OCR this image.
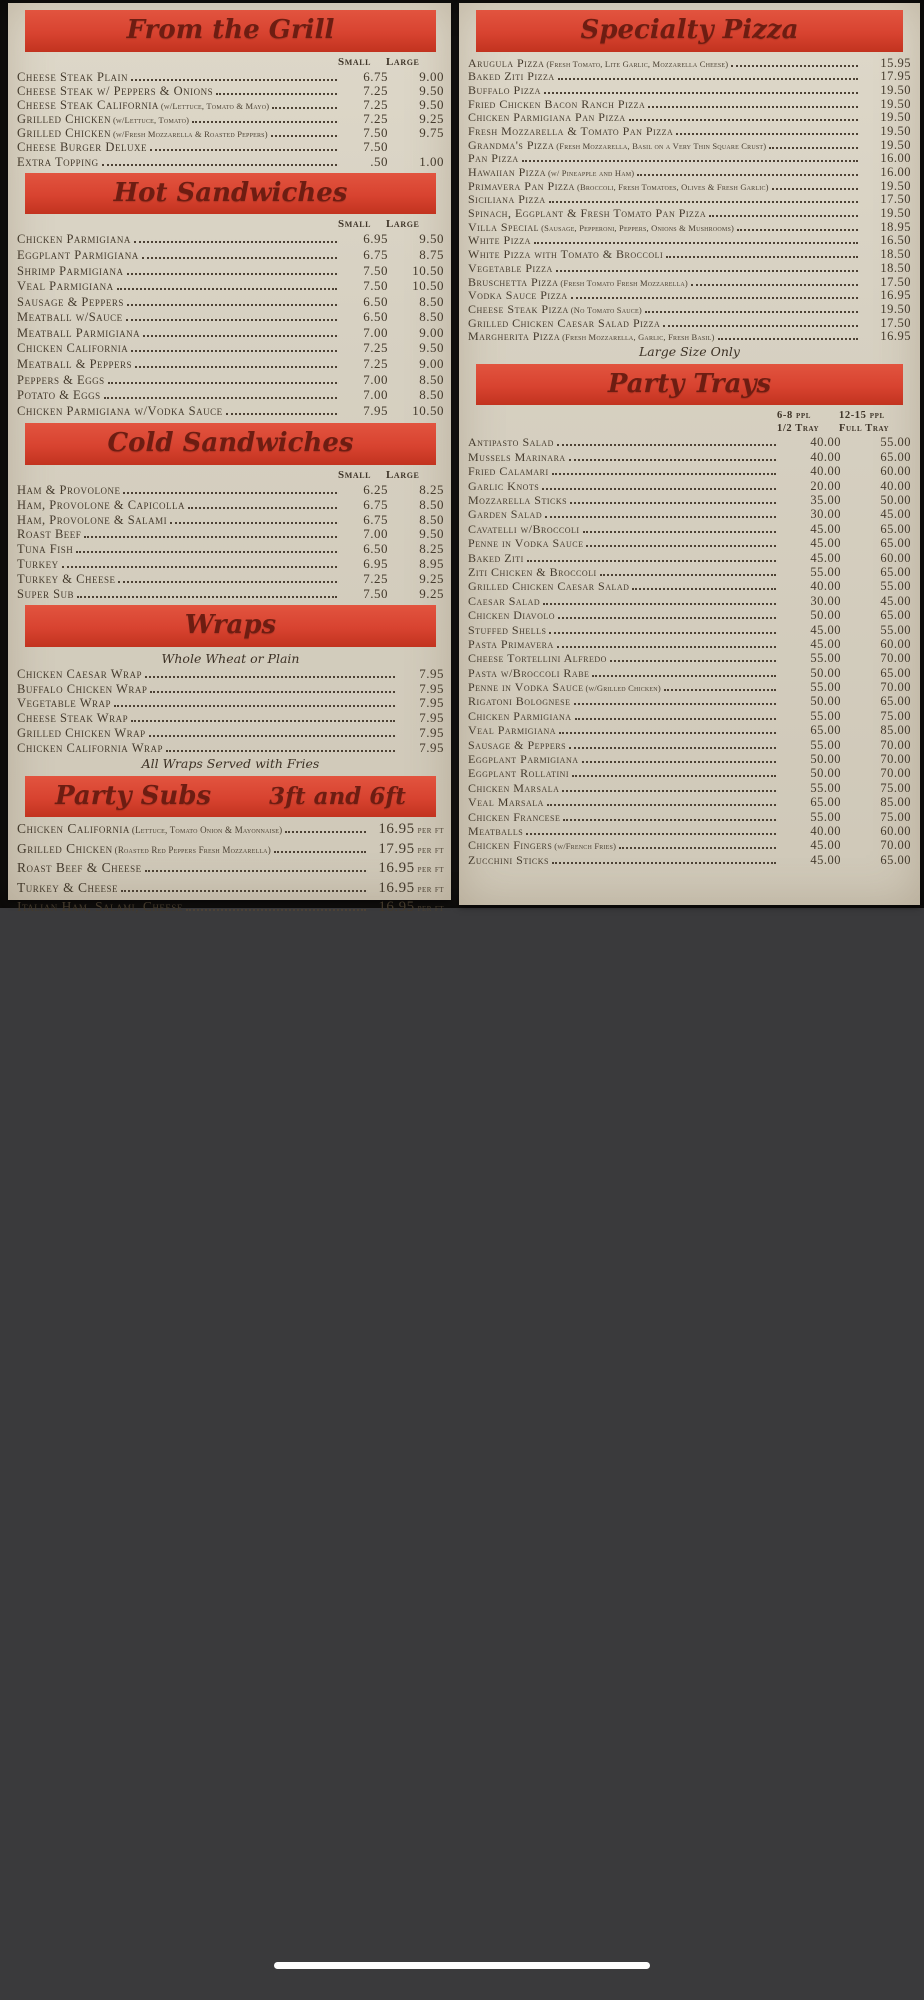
From the Grill
Small	Large
Cheese Steak Plain	6.75	9.00
Cheese Steak w/ Peppers & Onions	7.25	9.50
Cheese Steak California (w/Lettuce, Tomato & Mayo)	7.25	9.50
Grilled Chicken (w/Lettuce, Tomato)	7.25	9.25
Grilled Chicken (w/Fresh Mozzarella & Roasted Peppers)	7.50	9.75
Cheese Burger Deluxe	7.50
Extra Topping	.50	1.00
Hot Sandwiches
Small	Large
Chicken Parmigiana	6.95	9.50
Eggplant Parmigiana	6.75	8.75
Shrimp Parmigiana	7.50	10.50
Veal Parmigiana	7.50	10.50
Sausage & Peppers	6.50	8.50
Meatball w/Sauce	6.50	8.50
Meatball Parmigiana	7.00	9.00
Chicken California	7.25	9.50
Meatball & Peppers	7.25	9.00
Peppers & Eggs	7.00	8.50
Potato & Eggs	7.00	8.50
Chicken Parmigiana w/Vodka Sauce	7.95	10.50
Cold Sandwiches
Small	Large
Ham & Provolone	6.25	8.25
Ham, Provolone & Capicolla	6.75	8.50
Ham, Provolone & Salami	6.75	8.50
Roast Beef	7.00	9.50
Tuna Fish	6.50	8.25
Turkey	6.95	8.95
Turkey & Cheese	7.25	9.25
Super Sub	7.50	9.25
Wraps
Whole Wheat or Plain
Chicken Caesar Wrap	7.95
Buffalo Chicken Wrap	7.95
Vegetable Wrap	7.95
Cheese Steak Wrap	7.95
Grilled Chicken Wrap	7.95
Chicken California Wrap	7.95
All Wraps Served with Fries
Party Subs	3ft and 6ft
Chicken California (Lettuce, Tomato Onion & Mayonnaise)	16.95 per ft
Grilled Chicken (Roasted Red Peppers Fresh Mozzarella)	17.95 per ft
Roast Beef & Cheese	16.95 per ft
Turkey & Cheese	16.95 per ft
Italian Ham, Salami, Cheese	16.95 per ft
Specialty Pizza
Arugula Pizza (Fresh Tomato, Lite Garlic, Mozzarella Cheese)	15.95
Baked Ziti Pizza	17.95
Buffalo Pizza	19.50
Fried Chicken Bacon Ranch Pizza	19.50
Chicken Parmigiana Pan Pizza	19.50
Fresh Mozzarella & Tomato Pan Pizza	19.50
Grandma's Pizza (Fresh Mozzarella, Basil on a Very Thin Square Crust)	19.50
Pan Pizza	16.00
Hawaiian Pizza (w/ Pineapple and Ham)	16.00
Primavera Pan Pizza (Broccoli, Fresh Tomatoes, Olives & Fresh Garlic)	19.50
Siciliana Pizza	17.50
Spinach, Eggplant & Fresh Tomato Pan Pizza	19.50
Villa Special (Sausage, Pepperoni, Peppers, Onions & Mushrooms)	18.95
White Pizza	16.50
White Pizza with Tomato & Broccoli	18.50
Vegetable Pizza	18.50
Bruschetta Pizza (Fresh Tomato Fresh Mozzarella)	17.50
Vodka Sauce Pizza	16.95
Cheese Steak Pizza (No Tomato Sauce)	19.50
Grilled Chicken Caesar Salad Pizza	17.50
Margherita Pizza (Fresh Mozzarella, Garlic, Fresh Basil)	16.95
Large Size Only
Party Trays
6-8 ppl	12-15 ppl
1/2 Tray	Full Tray
Antipasto Salad	40.00	55.00
Mussels Marinara	40.00	65.00
Fried Calamari	40.00	60.00
Garlic Knots	20.00	40.00
Mozzarella Sticks	35.00	50.00
Garden Salad	30.00	45.00
Cavatelli w/Broccoli	45.00	65.00
Penne in Vodka Sauce	45.00	65.00
Baked Ziti	45.00	60.00
Ziti Chicken & Broccoli	55.00	65.00
Grilled Chicken Caesar Salad	40.00	55.00
Caesar Salad	30.00	45.00
Chicken Diavolo	50.00	65.00
Stuffed Shells	45.00	55.00
Pasta Primavera	45.00	60.00
Cheese Tortellini Alfredo	55.00	70.00
Pasta w/Broccoli Rabe	50.00	65.00
Penne in Vodka Sauce (w/Grilled Chicken)	55.00	70.00
Rigatoni Bolognese	50.00	65.00
Chicken Parmigiana	55.00	75.00
Veal Parmigiana	65.00	85.00
Sausage & Peppers	55.00	70.00
Eggplant Parmigiana	50.00	70.00
Eggplant Rollatini	50.00	70.00
Chicken Marsala	55.00	75.00
Veal Marsala	65.00	85.00
Chicken Francese	55.00	75.00
Meatballs	40.00	60.00
Chicken Fingers (w/French Fries)	45.00	70.00
Zucchini Sticks	45.00	65.00
